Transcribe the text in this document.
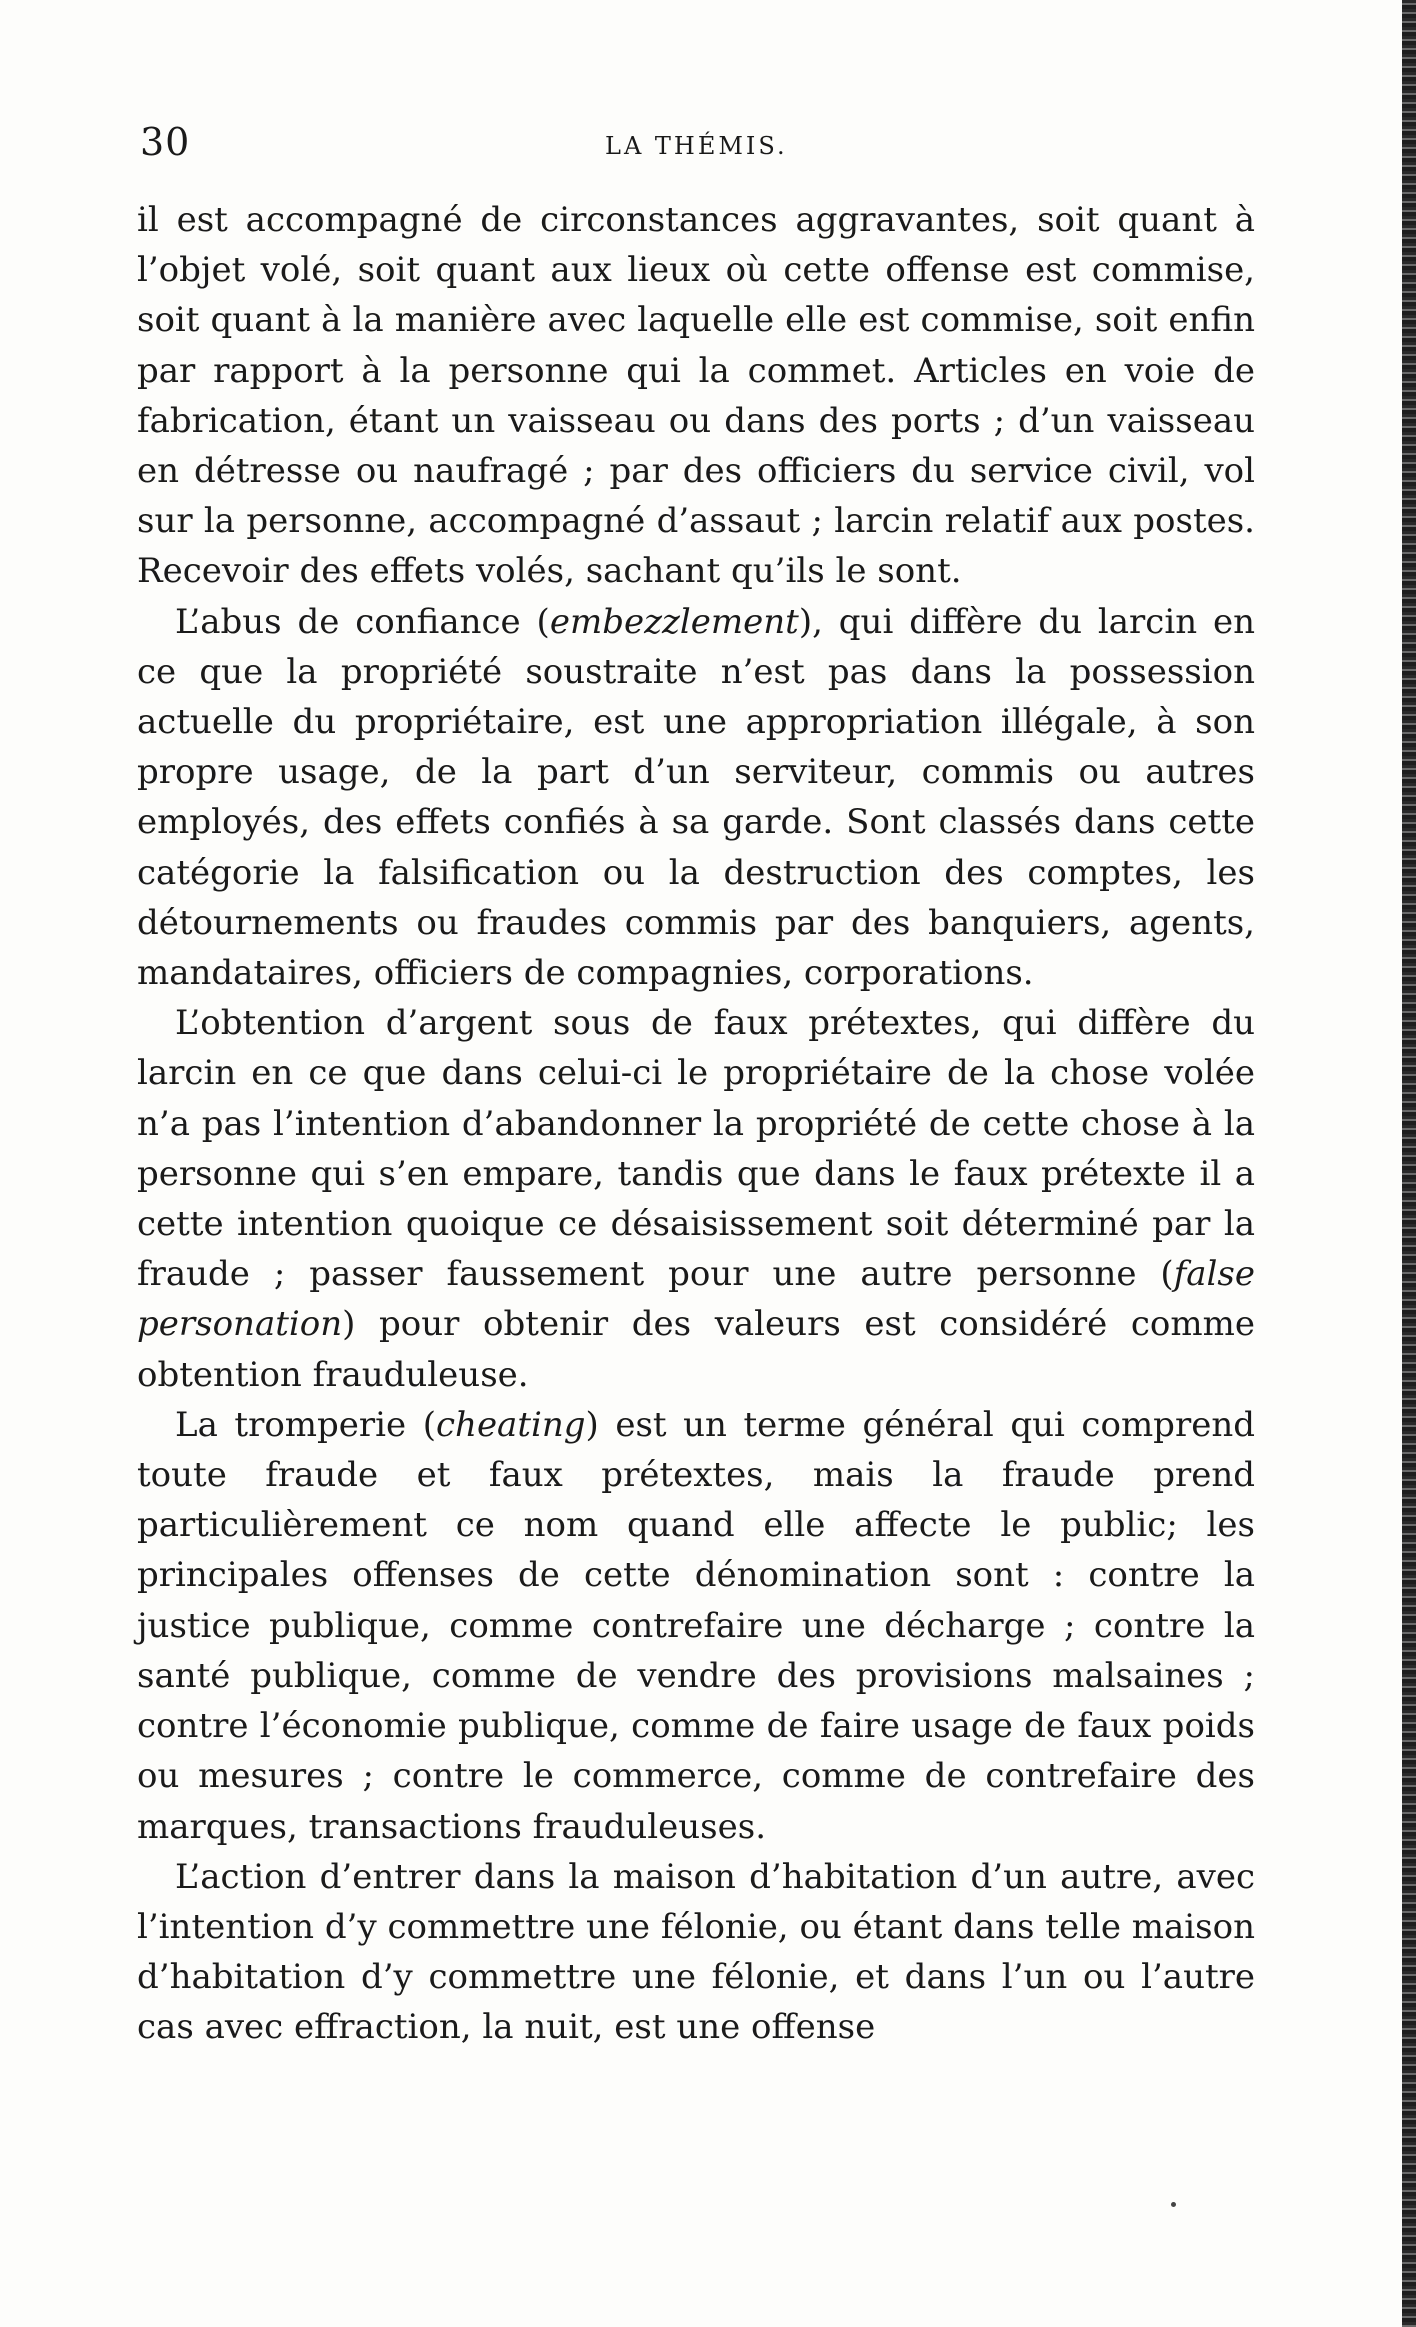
30	LA THÉMIS.

il est accompagné de circonstances aggravantes, soit quant à l’objet volé, soit quant aux lieux où cette offense est commise, soit quant à la manière avec laquelle elle est commise, soit enfin par rapport à la personne qui la commet. Articles en voie de fabrication, étant un vaisseau ou dans des ports ; d’un vaisseau en détresse ou naufragé ; par des officiers du service civil, vol sur la personne, accompagné d’assaut ; larcin relatif aux postes. Recevoir des effets volés, sachant qu’ils le sont.

L’abus de confiance (embezzlement), qui diffère du larcin en ce que la propriété soustraite n’est pas dans la possession actuelle du propriétaire, est une appropriation illégale, à son propre usage, de la part d’un serviteur, commis ou autres employés, des effets confiés à sa garde. Sont classés dans cette catégorie la falsification ou la destruction des comptes, les détournements ou fraudes commis par des banquiers, agents, mandataires, officiers de compagnies, corporations.

L’obtention d’argent sous de faux prétextes, qui diffère du larcin en ce que dans celui-ci le propriétaire de la chose volée n’a pas l’intention d’abandonner la propriété de cette chose à la personne qui s’en empare, tandis que dans le faux prétexte il a cette intention quoique ce désaisissement soit déterminé par la fraude ; passer faussement pour une autre personne (false personation) pour obtenir des valeurs est considéré comme obtention frauduleuse.

La tromperie (cheating) est un terme général qui comprend toute fraude et faux prétextes, mais la fraude prend particulièrement ce nom quand elle affecte le public; les principales offenses de cette dénomination sont : contre la justice publique, comme contrefaire une décharge ; contre la santé publique, comme de vendre des provisions malsaines ; contre l’économie publique, comme de faire usage de faux poids ou mesures ; contre le commerce, comme de contrefaire des marques, transactions frauduleuses.

L’action d’entrer dans la maison d’habitation d’un autre, avec l’intention d’y commettre une félonie, ou étant dans telle maison d’habitation d’y commettre une félonie, et dans l’un ou l’autre cas avec effraction, la nuit, est une offense
